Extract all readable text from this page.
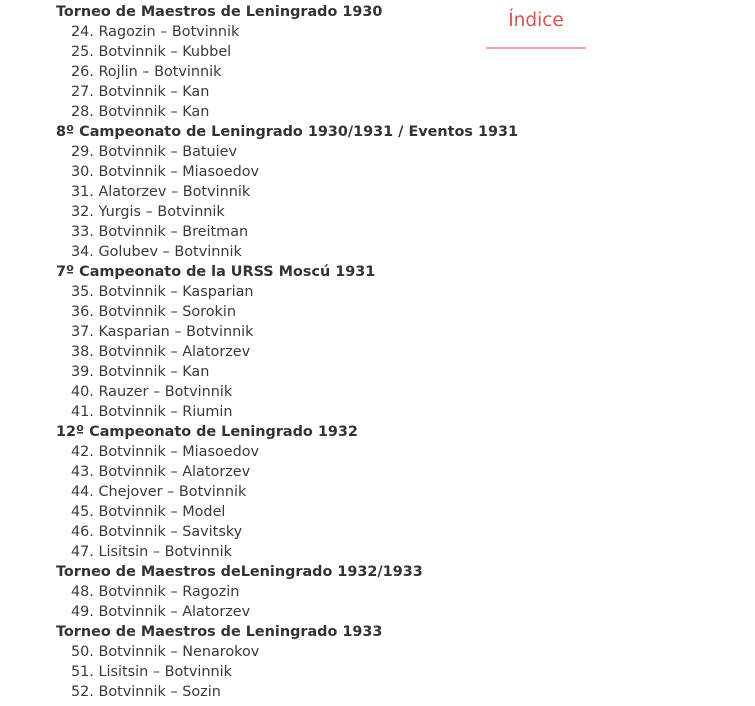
Torneo de Maestros de Leningrado 1930
24. Ragozin – Botvinnik
25. Botvinnik – Kubbel
26. Rojlin – Botvinnik
27. Botvinnik – Kan
28. Botvinnik – Kan
8º Campeonato de Leningrado 1930/1931 / Eventos 1931
29. Botvinnik – Batuiev
30. Botvinnik – Miasoedov
31. Alatorzev – Botvinnik
32. Yurgis – Botvinnik
33. Botvinnik – Breitman
34. Golubev – Botvinnik
7º Campeonato de la URSS Moscú 1931
35. Botvinnik – Kasparian
36. Botvinnik – Sorokin
37. Kasparian – Botvinnik
38. Botvinnik – Alatorzev
39. Botvinnik – Kan
40. Rauzer – Botvinnik
41. Botvinnik – Riumin
12º Campeonato de Leningrado 1932
42. Botvinnik – Miasoedov
43. Botvinnik – Alatorzev
44. Chejover – Botvinnik
45. Botvinnik – Model
46. Botvinnik – Savitsky
47. Lisitsin – Botvinnik
Torneo de Maestros deLeningrado 1932/1933
48. Botvinnik – Ragozin
49. Botvinnik – Alatorzev
Torneo de Maestros de Leningrado 1933
50. Botvinnik – Nenarokov
51. Lisitsin – Botvinnik
52. Botvinnik – Sozin
Índice
